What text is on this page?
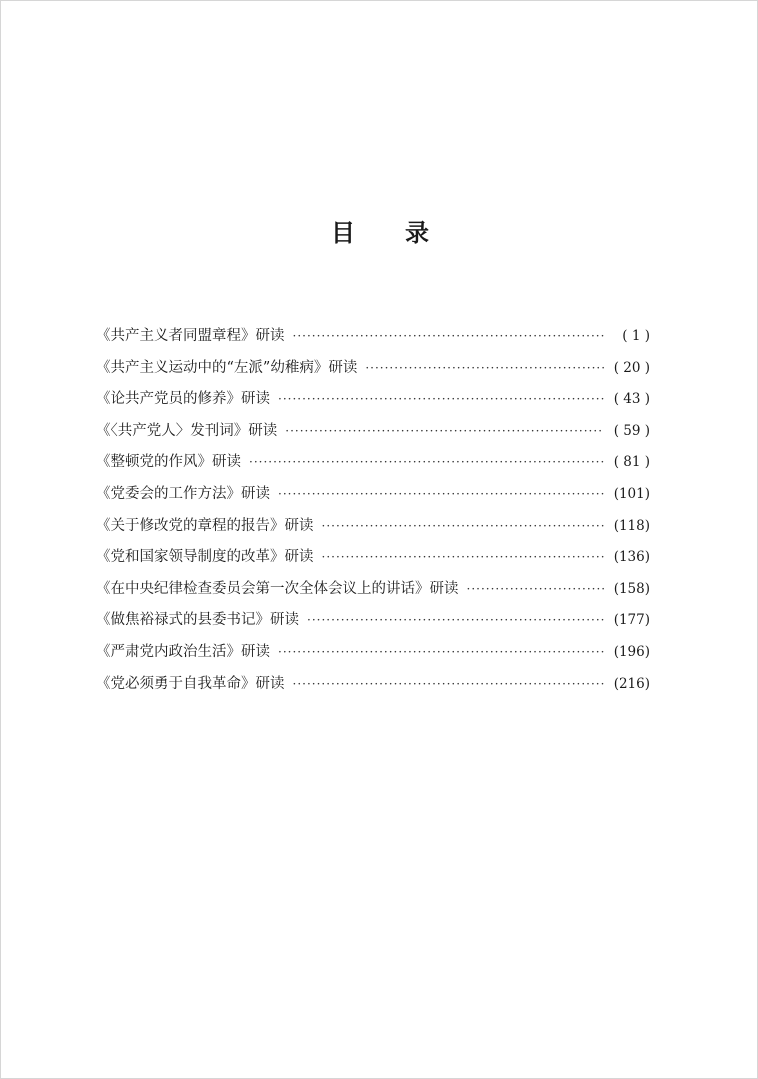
目 录
《共产主义者同盟章程》研读 ·····	( 1 )
《共产主义运动中的“左派”幼稚病》研读 ·····	( 20 )
《论共产党员的修养》研读 ·····	( 43 )
《〈共产党人〉发刊词》研读 ·····	( 59 )
《整顿党的作风》研读 ·····	( 81 )
《党委会的工作方法》研读 ·····	(101)
《关于修改党的章程的报告》研读 ·····	(118)
《党和国家领导制度的改革》研读 ·····	(136)
《在中央纪律检查委员会第一次全体会议上的讲话》研读 ·····	(158)
《做焦裕禄式的县委书记》研读 ·····	(177)
《严肃党内政治生活》研读 ·····	(196)
《党必须勇于自我革命》研读 ·····	(216)
